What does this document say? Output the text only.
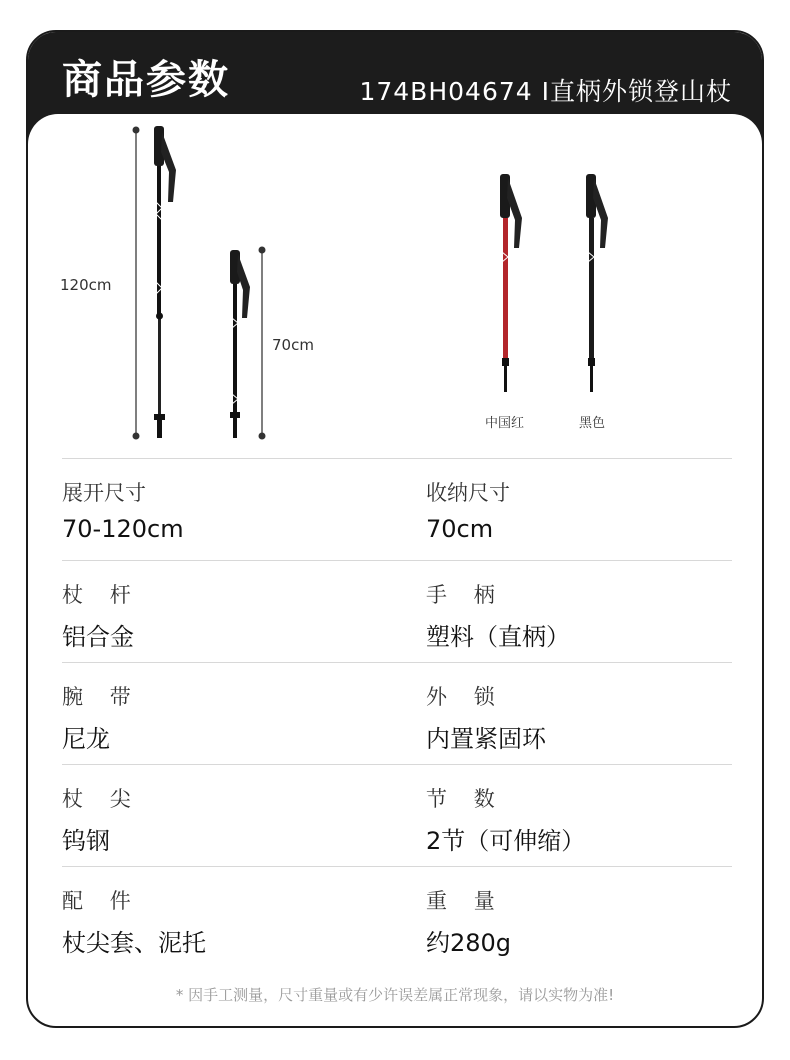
商品参数	174BH04674 I直柄外锁登山杖
120cm
70cm
中国红	黑色
展开尺寸
70-120cm
收纳尺寸
70cm
杖    杆
铝合金
手    柄
塑料（直柄）
腕    带
尼龙
外    锁
内置紧固环
杖    尖
钨钢
节    数
2节（可伸缩）
配    件
杖尖套、泥托
重    量
约280g
* 因手工测量，尺寸重量或有少许误差属正常现象，请以实物为准!
